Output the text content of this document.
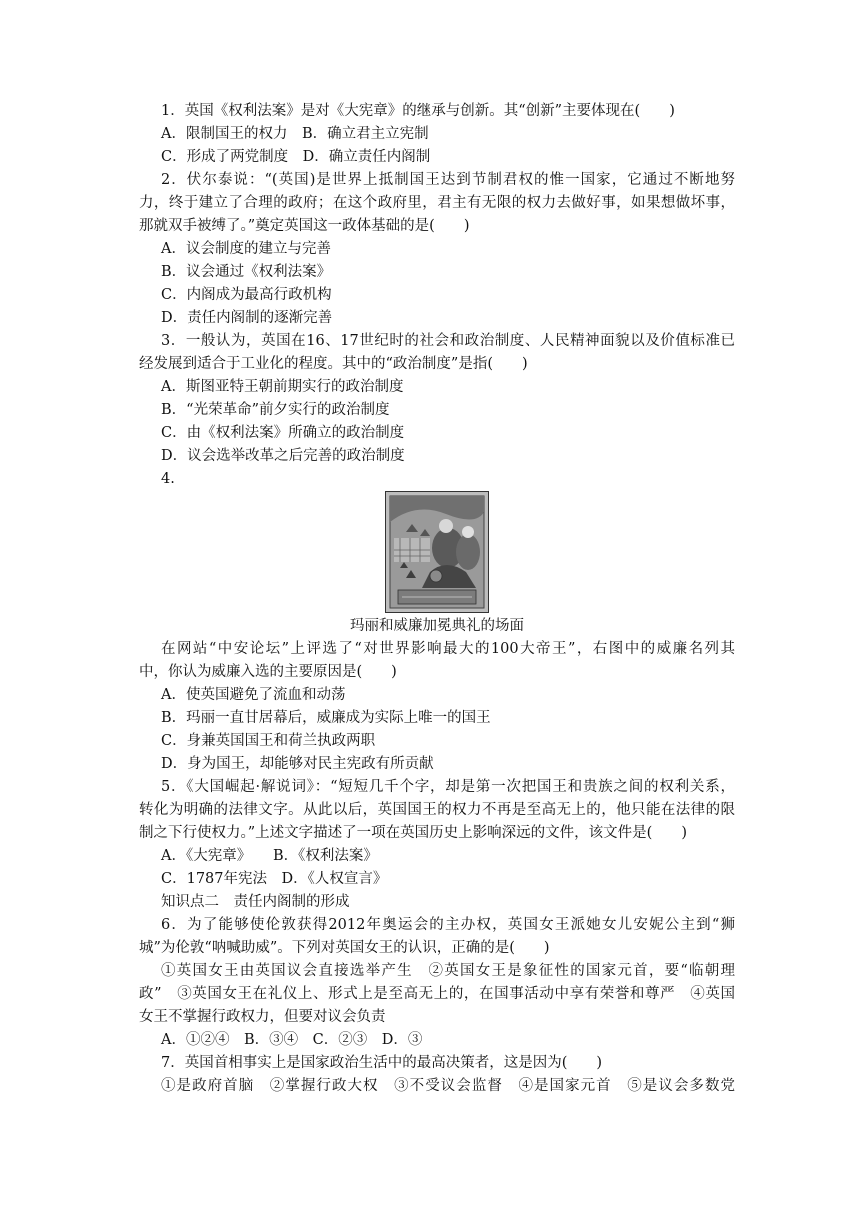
1．英国《权利法案》是对《大宪章》的继承与创新。其“创新”主要体现在(　　)
A．限制国王的权力　B．确立君主立宪制
C．形成了两党制度　D．确立责任内阁制
2．伏尔泰说：“(英国)是世界上抵制国王达到节制君权的惟一国家，它通过不断地努
力，终于建立了合理的政府；在这个政府里，君主有无限的权力去做好事，如果想做坏事，
那就双手被缚了。”奠定英国这一政体基础的是(　　)
A．议会制度的建立与完善
B．议会通过《权利法案》
C．内阁成为最高行政机构
D．责任内阁制的逐渐完善
3．一般认为，英国在16、17世纪时的社会和政治制度、人民精神面貌以及价值标准已
经发展到适合于工业化的程度。其中的“政治制度”是指(　　)
A．斯图亚特王朝前期实行的政治制度
B．“光荣革命”前夕实行的政治制度
C．由《权利法案》所确立的政治制度
D．议会选举改革之后完善的政治制度
4.
玛丽和威廉加冕典礼的场面
在网站“中安论坛”上评选了“对世界影响最大的100大帝王”，右图中的威廉名列其
中，你认为威廉入选的主要原因是(　　)
A．使英国避免了流血和动荡
B．玛丽一直甘居幕后，威廉成为实际上唯一的国王
C．身兼英国国王和荷兰执政两职
D．身为国王，却能够对民主宪政有所贡献
5．《大国崛起·解说词》：“短短几千个字，却是第一次把国王和贵族之间的权利关系，
转化为明确的法律文字。从此以后，英国国王的权力不再是至高无上的，他只能在法律的限
制之下行使权力。”上述文字描述了一项在英国历史上影响深远的文件，该文件是(　　)
A．《大宪章》　　B．《权利法案》
C．1787年宪法　D．《人权宣言》
知识点二　责任内阁制的形成
6．为了能够使伦敦获得2012年奥运会的主办权，英国女王派她女儿安妮公主到“狮
城”为伦敦“呐喊助威”。下列对英国女王的认识，正确的是(　　)
①英国女王由英国议会直接选举产生　②英国女王是象征性的国家元首，要“临朝理
政”　③英国女王在礼仪上、形式上是至高无上的，在国事活动中享有荣誉和尊严　④英国
女王不掌握行政权力，但要对议会负责
A．①②④　B．③④　C．②③　D．③
7．英国首相事实上是国家政治生活中的最高决策者，这是因为(　　)
①是政府首脑　②掌握行政大权　③不受议会监督　④是国家元首　⑤是议会多数党
